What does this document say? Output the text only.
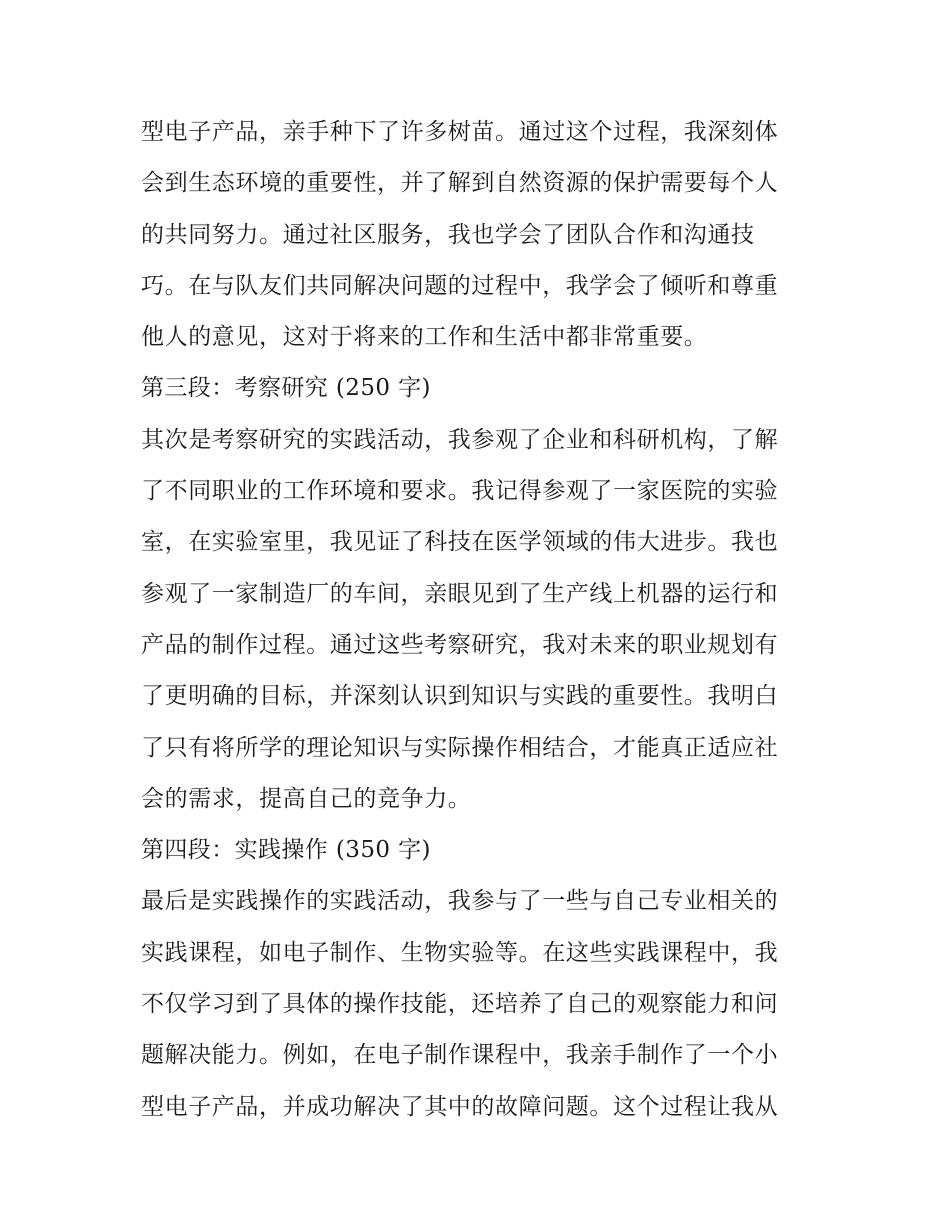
型电子产品，亲手种下了许多树苗。通过这个过程，我深刻体
会到生态环境的重要性，并了解到自然资源的保护需要每个人
的共同努力。通过社区服务，我也学会了团队合作和沟通技
巧。在与队友们共同解决问题的过程中，我学会了倾听和尊重
他人的意见，这对于将来的工作和生活中都非常重要。
第三段：考察研究 (250 字)
其次是考察研究的实践活动，我参观了企业和科研机构，了解
了不同职业的工作环境和要求。我记得参观了一家医院的实验
室，在实验室里，我见证了科技在医学领域的伟大进步。我也
参观了一家制造厂的车间，亲眼见到了生产线上机器的运行和
产品的制作过程。通过这些考察研究，我对未来的职业规划有
了更明确的目标，并深刻认识到知识与实践的重要性。我明白
了只有将所学的理论知识与实际操作相结合，才能真正适应社
会的需求，提高自己的竞争力。
第四段：实践操作 (350 字)
最后是实践操作的实践活动，我参与了一些与自己专业相关的
实践课程，如电子制作、生物实验等。在这些实践课程中，我
不仅学习到了具体的操作技能，还培养了自己的观察能力和问
题解决能力。例如，在电子制作课程中，我亲手制作了一个小
型电子产品，并成功解决了其中的故障问题。这个过程让我从
